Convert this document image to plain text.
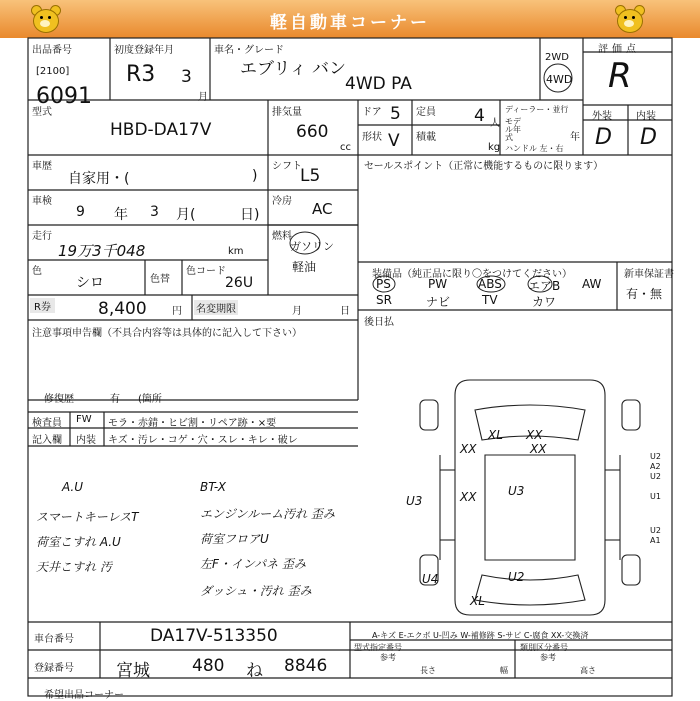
軽自動車コーナー
出品番号
[2100]
6091
初度登録年月
R3 3
月
車名・グレード
エブリィ バン
4WD PA
2WD
4WD
評価点
R
外装 内装
D D
型式
HBD-DA17V
排気量
660
cc
ドア 5
形状 V
定員 4 人
積載
kg
ディーラー・並行
モデル年式	年
ハンドル 左・右
車歴
自家用・(	)
シフト
L5
車検
9 年 3 月(	日)
冷房 AC
走行
19万3千048	km
燃料
ガソリン
軽油
色
シロ	色替
色コード
26U
R券	8,400	円 名変期限	月	日
セールスポイント（正常に機能するものに限ります）
装備品（純正品に限り〇をつけてください）	新車保証書
有・無
PS	PW	ABS エアB AW
SR	ナビ	TV	カワ
後日払
注意事項申告欄（不具合内容等は具体的に記入して下さい）
修復歴	有 (箇所
検査員
記入欄
FW
内装
モラ・赤錆・ヒビ割・リペア跡・×要
キズ・汚レ・コゲ・穴・スレ・キレ・破レ
A.U
スマートキーレスT
荷室こすれ A.U
天井こすれ 汚
BT-X
エンジンルーム汚れ 歪み
荷室フロアU
左F・インパネ 歪み
ダッシュ・汚れ 歪み
XL XX
XX
XX
XX
U3
U3	U1
A1
U2
A2
U4	U2
XL
U2
U2
A-キズ E-エクボ U-凹み W-補修跡 S-サビ C-腐食 XX-交換済
車台番号	DA17V-513350
登録番号 宮城 480 ね 8846
型式指定番号
参考
類別区分番号
参考
長さ	幅	高さ
希望出品コーナー
